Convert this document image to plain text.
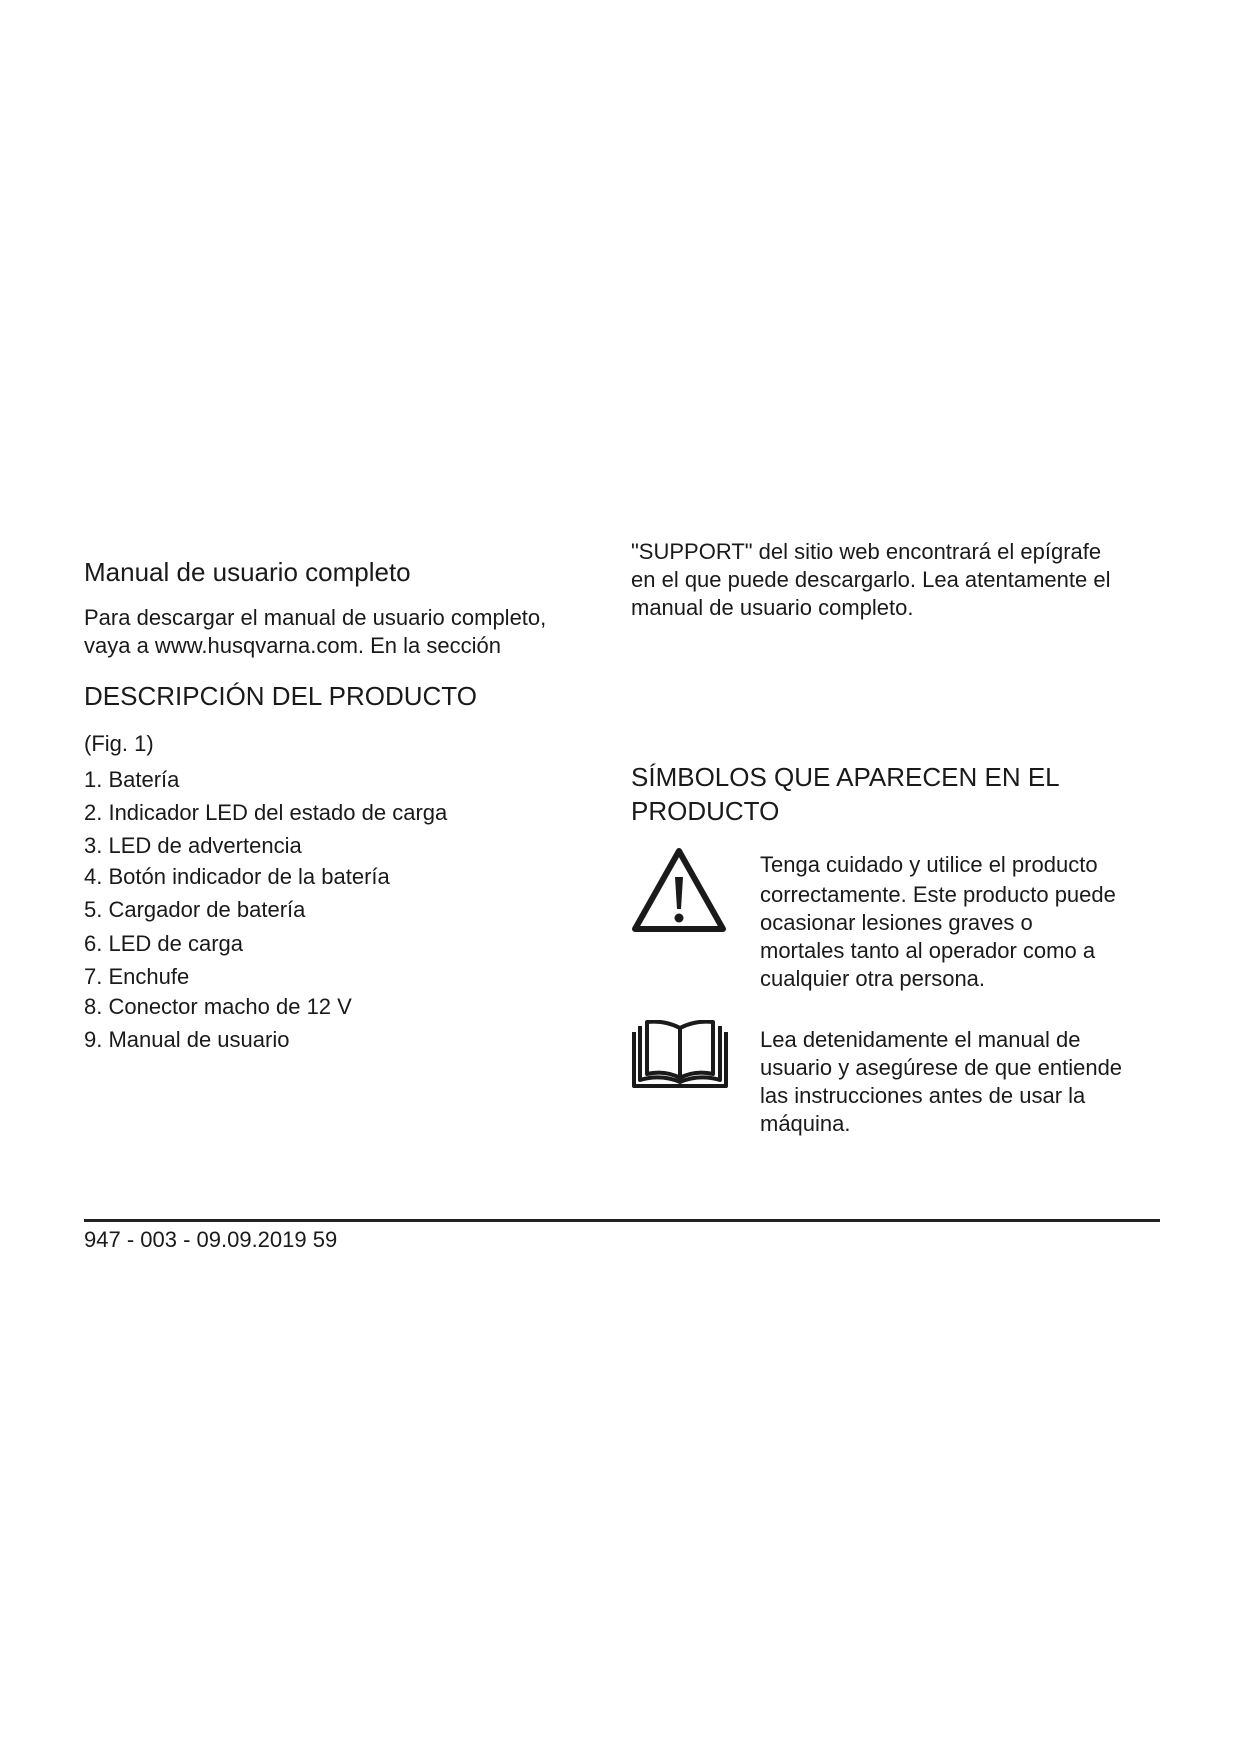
Manual de usuario completo

Para descargar el manual de usuario completo,

vaya a www.husqvarna.com. En la sección

DESCRIPCIÓN DEL PRODUCTO

(Fig. 1)

1. Batería
2. Indicador LED del estado de carga
3. LED de advertencia
4. Botón indicador de la batería
5. Cargador de batería
6. LED de carga
7. Enchufe
8. Conector macho de 12 V
9. Manual de usuario

"SUPPORT" del sitio web encontrará el epígrafe

en el que puede descargarlo. Lea atentamente el

manual de usuario completo.

SÍMBOLOS QUE APARECEN EN EL
PRODUCTO

Tenga cuidado y utilice el producto

correctamente. Este producto puede

ocasionar lesiones graves o

mortales tanto al operador como a

cualquier otra persona.

Lea detenidamente el manual de

usuario y asegúrese de que entiende

las instrucciones antes de usar la

máquina.

947 - 003 - 09.09.2019 59
